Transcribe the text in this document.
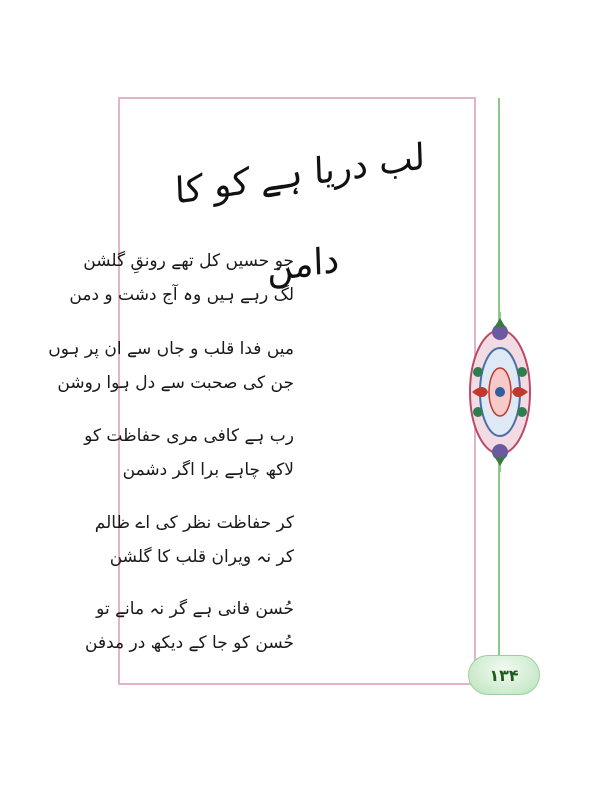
لب دریا ہے کو کا دامن
جو حسیں کل تھے رونقِ گلشن
لگ رہے ہیں وہ آج دشت و دمن
میں فدا قلب و جاں سے ان پر ہوں
جن کی صحبت سے دل ہوا روشن
رب ہے کافی مری حفاظت کو
لاکھ چاہے برا اگر دشمن
کر حفاظت نظر کی اے ظالم
کر نہ ویران قلب کا گلشن
حُسن فانی ہے گر نہ مانے تو
حُسن کو جا کے دیکھ در مدفن
۱۳۴
